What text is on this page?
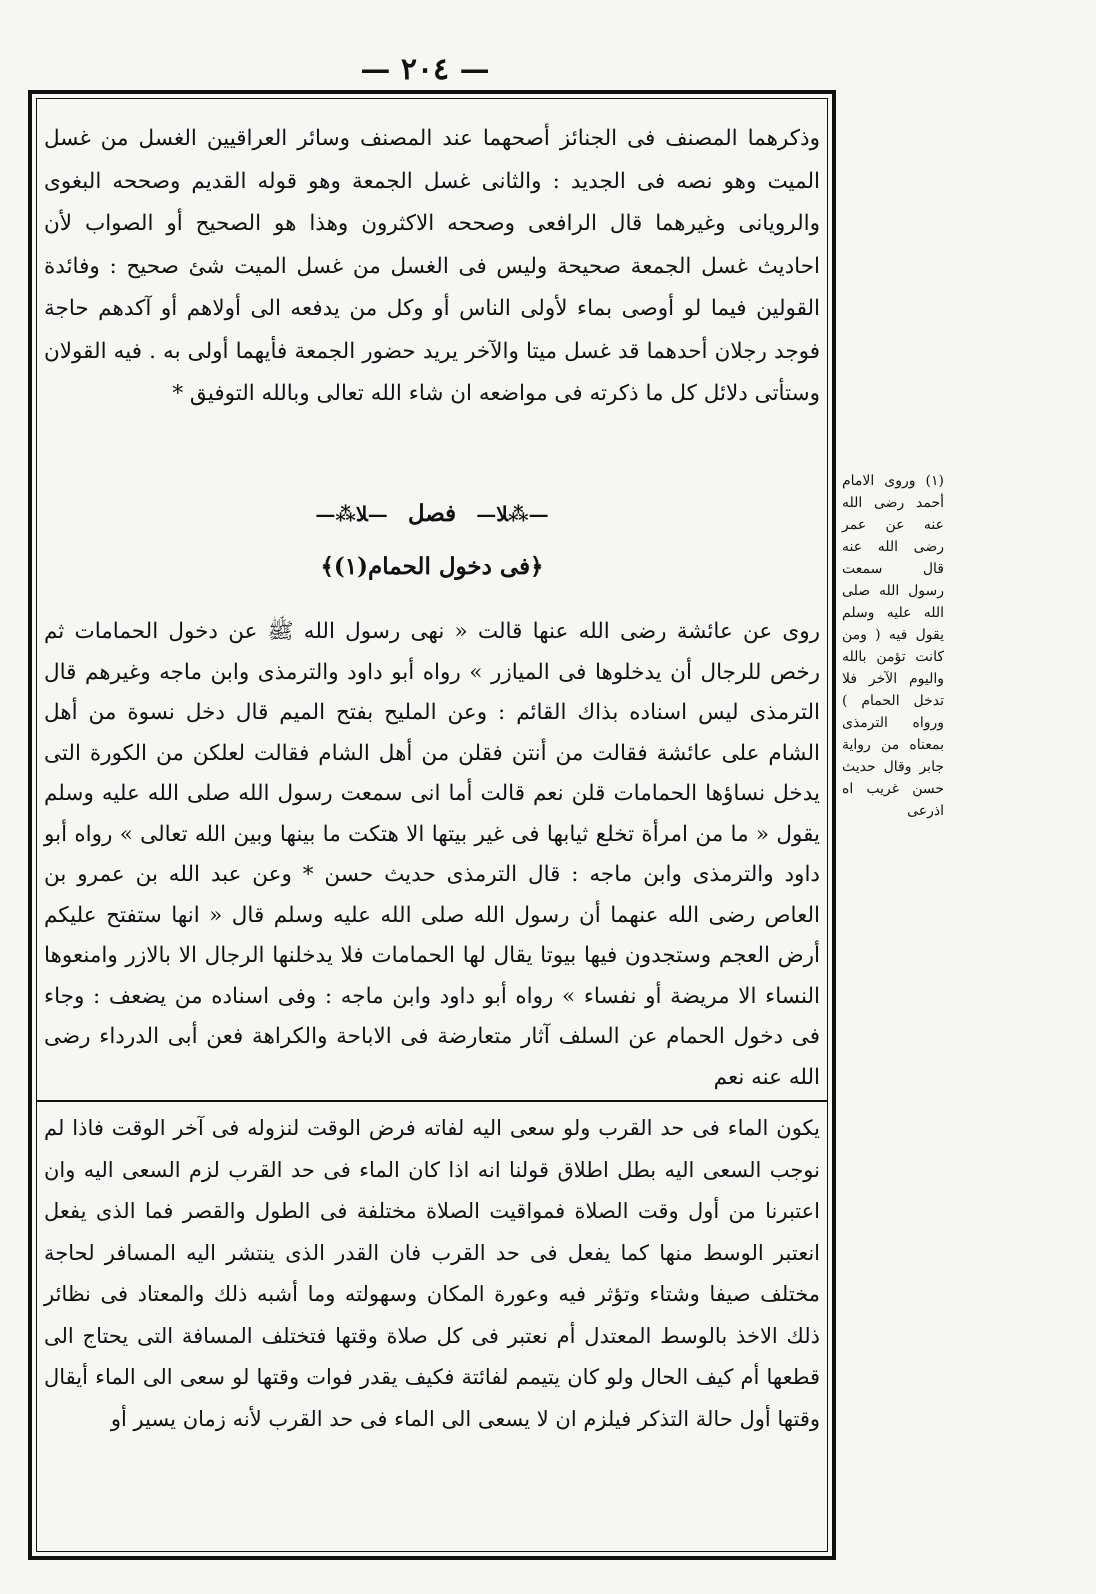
— ٢٠٤ —

وذكرهما المصنف فى الجنائز أصحهما عند المصنف وسائر العراقيين الغسل من غسل الميت وهو نصه فى الجديد : والثانى غسل الجمعة وهو قوله القديم وصححه البغوى والرويانى وغيرهما قال الرافعى وصححه الاكثرون وهذا هو الصحيح أو الصواب لأن احاديث غسل الجمعة صحيحة وليس فى الغسل من غسل الميت شئ صحيح : وفائدة القولين فيما لو أوصى بماء لأولى الناس أو وكل من يدفعه الى أولاهم أو آكدهم حاجة فوجد رجلان أحدهما قد غسل ميتا والآخر يريد حضور الجمعة فأيهما أولى به . فيه القولان وستأتى دلائل كل ما ذكرته فى مواضعه ان شاء الله تعالى وبالله التوفيق *

—⁂ﻼ— فصل —ﻼ⁂—
﴿فى دخول الحمام(١)﴾

روى عن عائشة رضى الله عنها قالت « نهى رسول الله ﷺ عن دخول الحمامات ثم رخص للرجال أن يدخلوها فى الميازر » رواه أبو داود والترمذى وابن ماجه وغيرهم قال الترمذى ليس اسناده بذاك القائم : وعن المليح بفتح الميم قال دخل نسوة من أهل الشام على عائشة فقالت من أنتن فقلن من أهل الشام فقالت لعلكن من الكورة التى يدخل نساؤها الحمامات قلن نعم قالت أما انى سمعت رسول الله صلى الله عليه وسلم يقول « ما من امرأة تخلع ثيابها فى غير بيتها الا هتكت ما بينها وبين الله تعالى » رواه أبو داود والترمذى وابن ماجه : قال الترمذى حديث حسن * وعن عبد الله بن عمرو بن العاص رضى الله عنهما أن رسول الله صلى الله عليه وسلم قال « انها ستفتح عليكم أرض العجم وستجدون فيها بيوتا يقال لها الحمامات فلا يدخلنها الرجال الا بالازر وامنعوها النساء الا مريضة أو نفساء » رواه أبو داود وابن ماجه : وفى اسناده من يضعف : وجاء فى دخول الحمام عن السلف آثار متعارضة فى الاباحة والكراهة فعن أبى الدرداء رضى الله عنه نعم

يكون الماء فى حد القرب ولو سعى اليه لفاته فرض الوقت لنزوله فى آخر الوقت فاذا لم نوجب السعى اليه بطل اطلاق قولنا انه اذا كان الماء فى حد القرب لزم السعى اليه وان اعتبرنا من أول وقت الصلاة فمواقيت الصلاة مختلفة فى الطول والقصر فما الذى يفعل انعتبر الوسط منها كما يفعل فى حد القرب فان القدر الذى ينتشر اليه المسافر لحاجة مختلف صيفا وشتاء وتؤثر فيه وعورة المكان وسهولته وما أشبه ذلك والمعتاد فى نظائر ذلك الاخذ بالوسط المعتدل أم نعتبر فى كل صلاة وقتها فتختلف المسافة التى يحتاج الى قطعها أم كيف الحال ولو كان يتيمم لفائتة فكيف يقدر فوات وقتها لو سعى الى الماء أيقال وقتها أول حالة التذكر فيلزم ان لا يسعى الى الماء فى حد القرب لأنه زمان يسير أو

(١) وروى الامام أحمد رضى الله عنه عن عمر رضى الله عنه قال سمعت رسول الله صلى الله عليه وسلم يقول فيه ( ومن كانت تؤمن بالله واليوم الآخر فلا تدخل الحمام ) ورواه الترمذى بمعناه من رواية جابر وقال حديث حسن غريب اه اذرعى
